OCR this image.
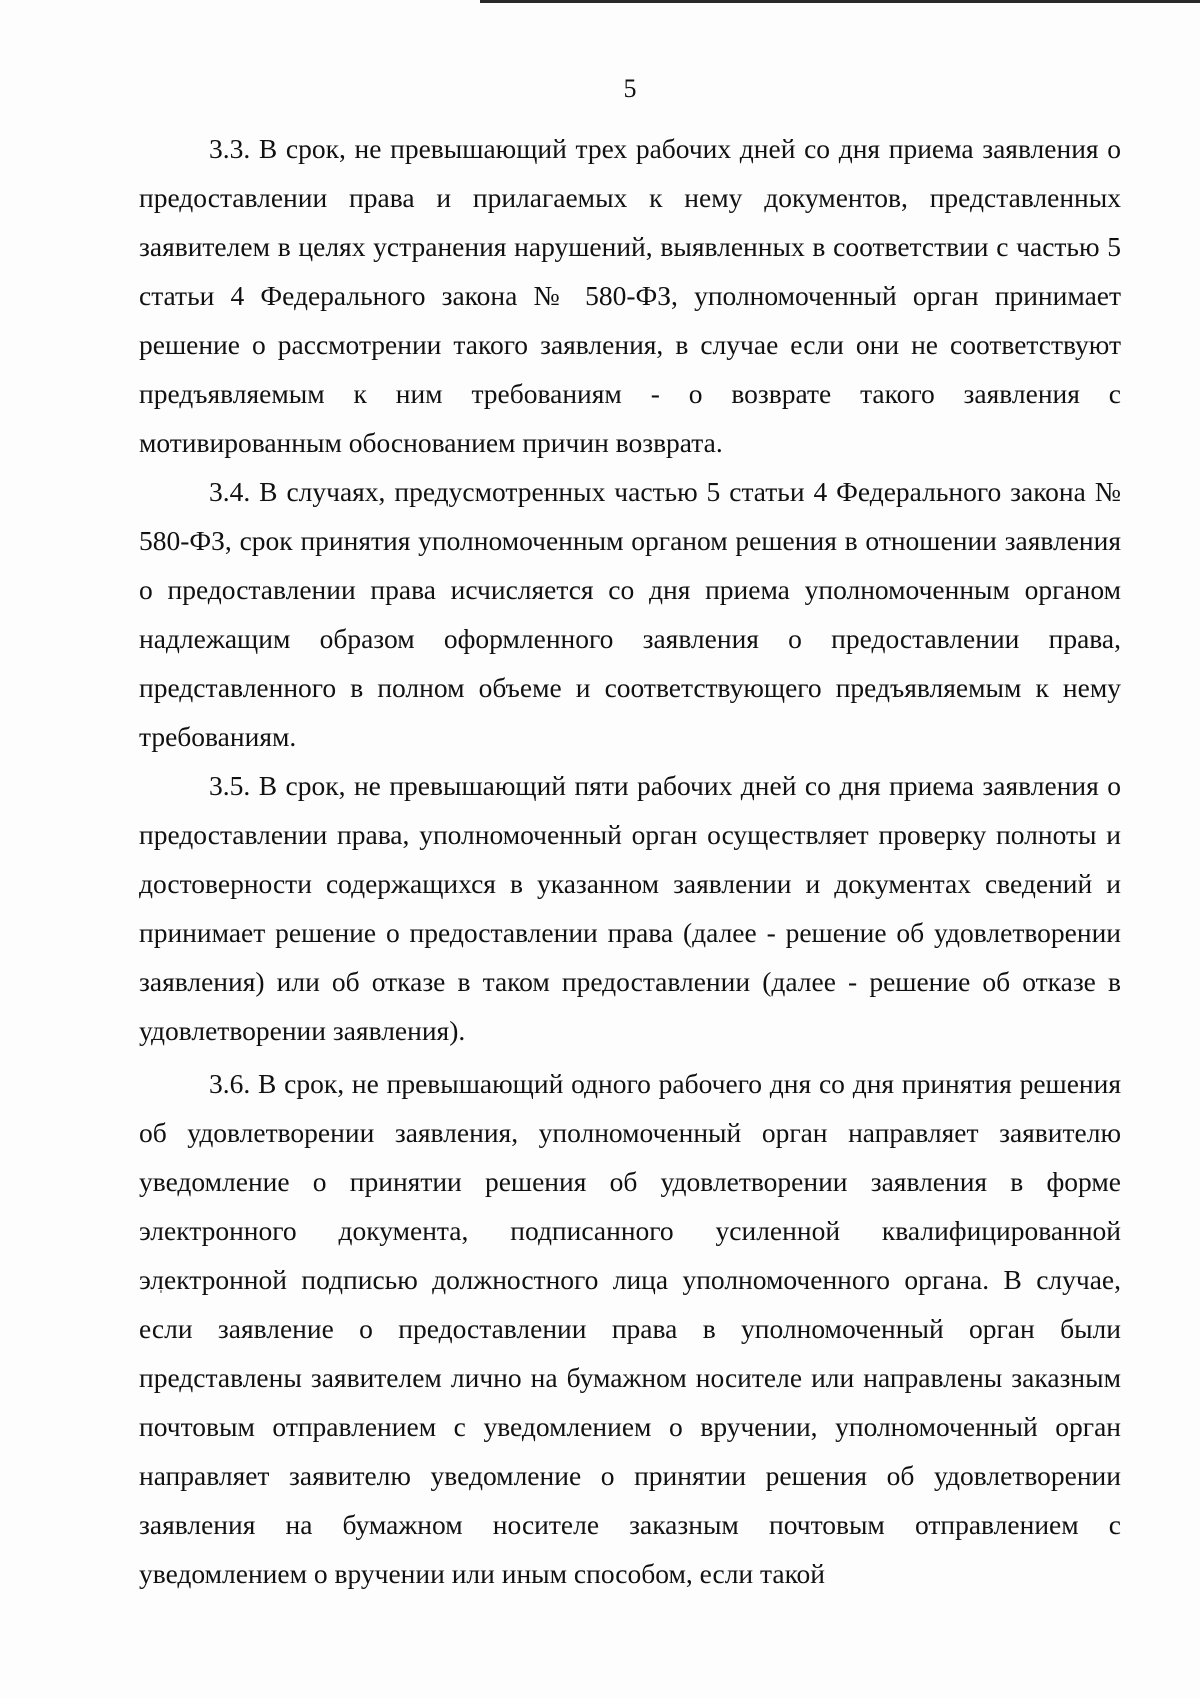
5

3.3. В срок, не превышающий трех рабочих дней со дня приема заявления о предоставлении права и прилагаемых к нему документов, представленных заявителем в целях устранения нарушений, выявленных в соответствии с частью 5 статьи 4 Федерального закона № 580-ФЗ, уполномоченный орган принимает решение о рассмотрении такого заявления, в случае если они не соответствуют предъявляемым к ним требованиям - о возврате такого заявления с мотивированным обоснованием причин возврата.

3.4. В случаях, предусмотренных частью 5 статьи 4 Федерального закона № 580-ФЗ, срок принятия уполномоченным органом решения в отношении заявления о предоставлении права исчисляется со дня приема уполномоченным органом надлежащим образом оформленного заявления о предоставлении права, представленного в полном объеме и соответствующего предъявляемым к нему требованиям.

3.5. В срок, не превышающий пяти рабочих дней со дня приема заявления о предоставлении права, уполномоченный орган осуществляет проверку полноты и достоверности содержащихся в указанном заявлении и документах сведений и принимает решение о предоставлении права (далее - решение об удовлетворении заявления) или об отказе в таком предоставлении (далее - решение об отказе в удовлетворении заявления).

3.6. В срок, не превышающий одного рабочего дня со дня принятия решения об удовлетворении заявления, уполномоченный орган направляет заявителю уведомление о принятии решения об удовлетворении заявления в форме электронного документа, подписанного усиленной квалифицированной электронной подписью должностного лица уполномоченного органа. В случае, если заявление о предоставлении права в уполномоченный орган были представлены заявителем лично на бумажном носителе или направлены заказным почтовым отправлением с уведомлением о вручении, уполномоченный орган направляет заявителю уведомление о принятии решения об удовлетворении заявления на бумажном носителе заказным почтовым отправлением с уведомлением о вручении или иным способом, если такой
